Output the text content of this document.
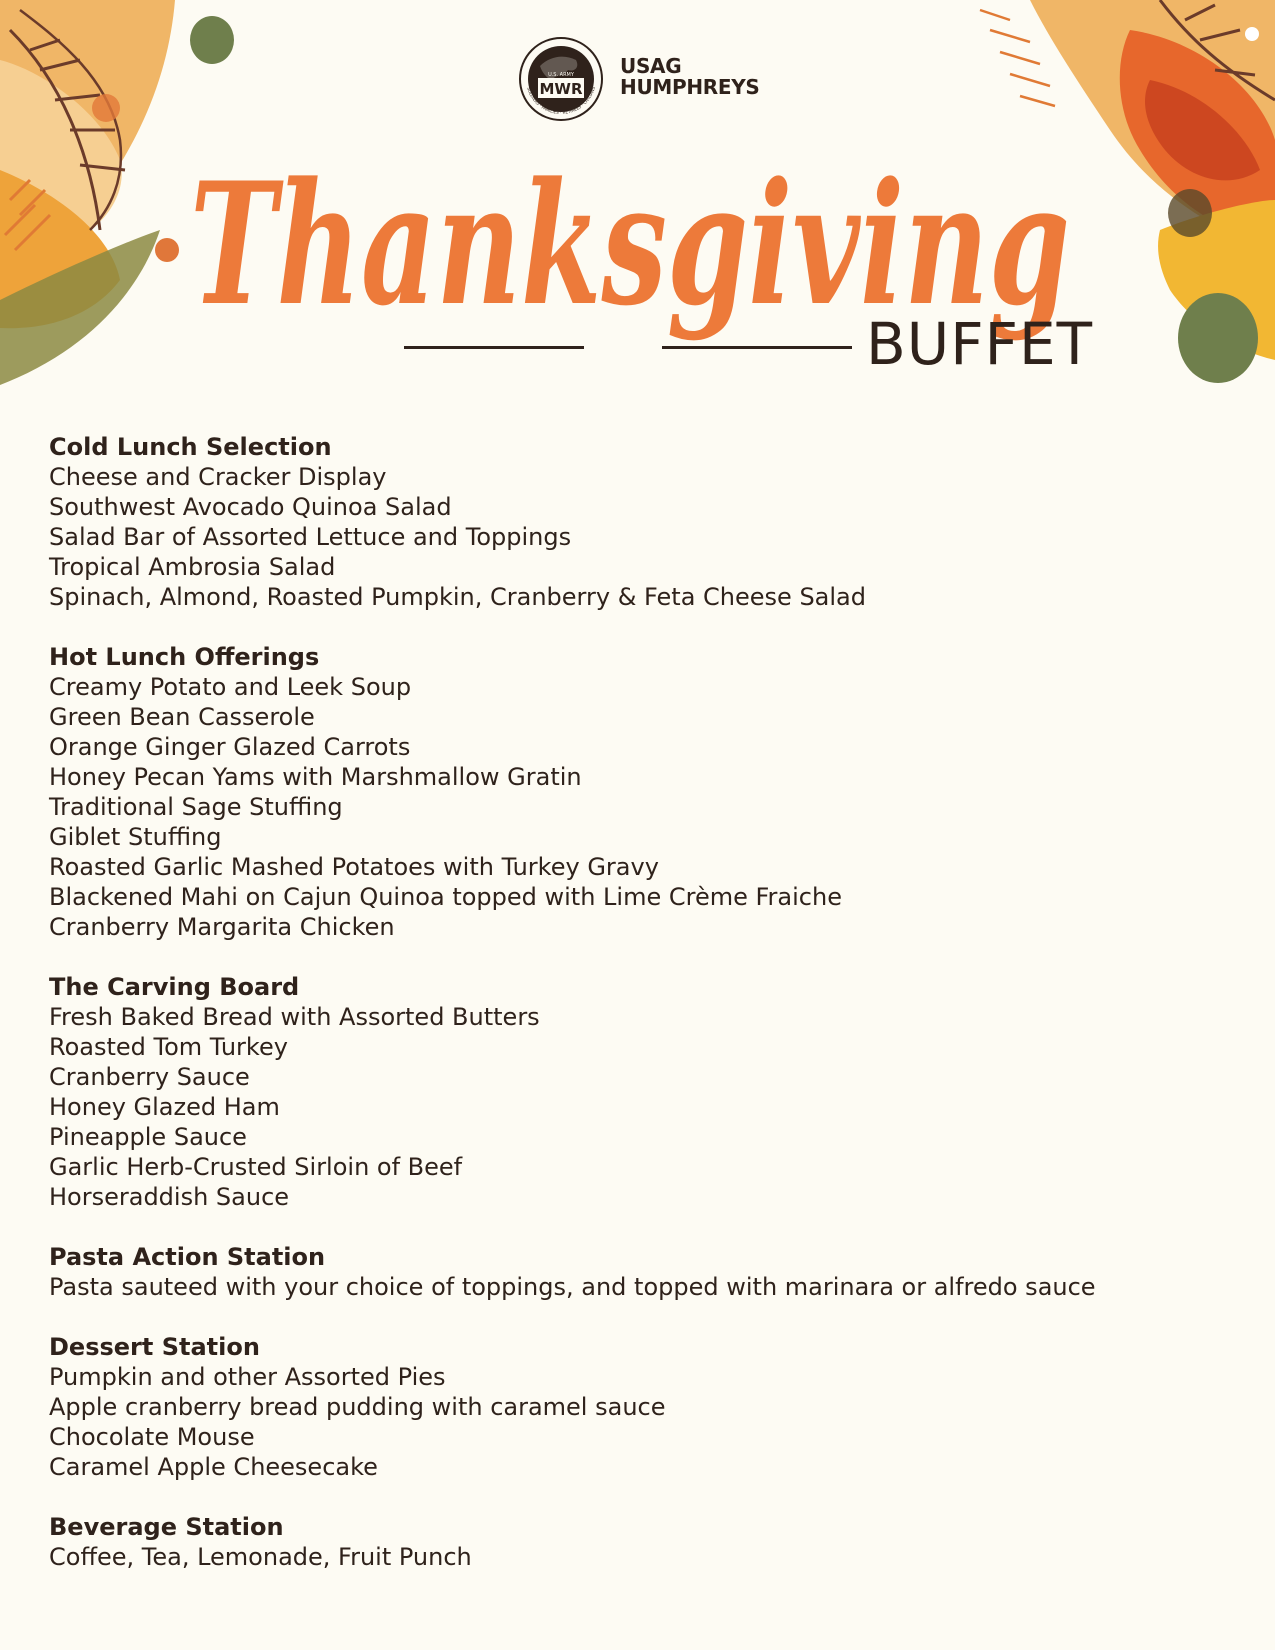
U.S. ARMY
MWR
SOLDIERS · FAMILIES · RETIREES · CIVILIANS
USAG
HUMPHREYS
Thanksgiving
BUFFET
Cold Lunch Selection
Cheese and Cracker Display
Southwest Avocado Quinoa Salad
Salad Bar of Assorted Lettuce and Toppings
Tropical Ambrosia Salad
Spinach, Almond, Roasted Pumpkin, Cranberry & Feta Cheese Salad
Hot Lunch Offerings
Creamy Potato and Leek Soup
Green Bean Casserole
Orange Ginger Glazed Carrots
Honey Pecan Yams with Marshmallow Gratin
Traditional Sage Stuffing
Giblet Stuffing
Roasted Garlic Mashed Potatoes with Turkey Gravy
Blackened Mahi on Cajun Quinoa topped with Lime Crème Fraiche
Cranberry Margarita Chicken
The Carving Board
Fresh Baked Bread with Assorted Butters
Roasted Tom Turkey
Cranberry Sauce
Honey Glazed Ham
Pineapple Sauce
Garlic Herb-Crusted Sirloin of Beef
Horseraddish Sauce
Pasta Action Station
Pasta sauteed with your choice of toppings, and topped with marinara or alfredo sauce
Dessert Station
Pumpkin and other Assorted Pies
Apple cranberry bread pudding with caramel sauce
Chocolate Mouse
Caramel Apple Cheesecake
Beverage Station
Coffee, Tea, Lemonade, Fruit Punch
